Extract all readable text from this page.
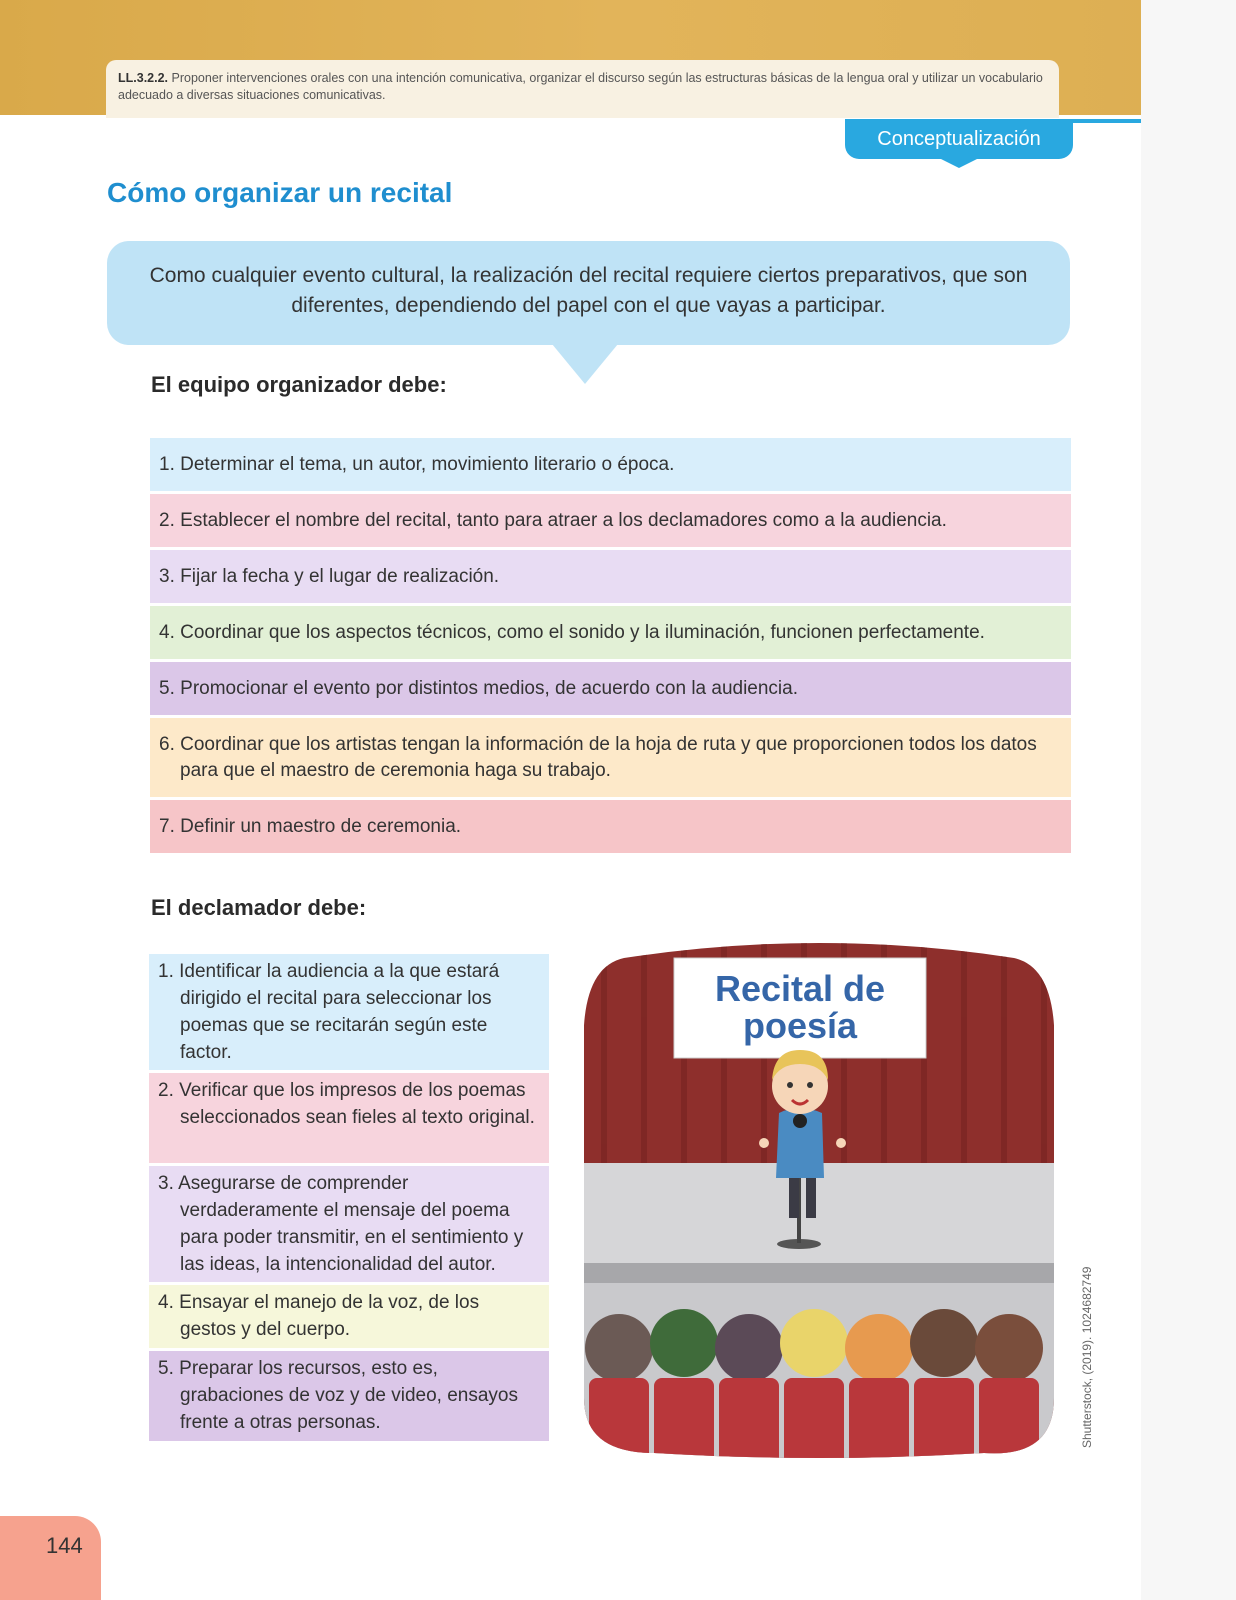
LL.3.2.2. Proponer intervenciones orales con una intención comunicativa, organizar el discurso según las estructuras básicas de la lengua oral y utilizar un vocabulario adecuado a diversas situaciones comunicativas.
Conceptualización
Cómo organizar un recital
Como cualquier evento cultural, la realización del recital requiere ciertos preparativos, que son diferentes, dependiendo del papel con el que vayas a participar.
El equipo organizador debe:
1. Determinar el tema, un autor, movimiento literario o época.
2. Establecer el nombre del recital, tanto para atraer a los declamadores como a la audiencia.
3. Fijar la fecha y el lugar de realización.
4. Coordinar que los aspectos técnicos, como el sonido y la iluminación, funcionen perfectamente.
5. Promocionar el evento por distintos medios, de acuerdo con la audiencia.
6. Coordinar que los artistas tengan la información de la hoja de ruta y que proporcionen todos los datos para que el maestro de ceremonia haga su trabajo.
7. Definir un maestro de ceremonia.
El declamador debe:
1. Identificar la audiencia a la que estará dirigido el recital para seleccionar los poemas que se recitarán según este factor.
2. Verificar que los impresos de los poemas seleccionados sean fieles al texto original.
3. Asegurarse de comprender verdaderamente el mensaje del poema para poder transmitir, en el sentimiento y las ideas, la intencionalidad del autor.
4. Ensayar el manejo de la voz, de los gestos y del cuerpo.
5. Preparar los recursos, esto es, grabaciones de voz y de video, ensayos frente a otras personas.
Recital de
poesía
Shutterstock, (2019). 1024682749
144
